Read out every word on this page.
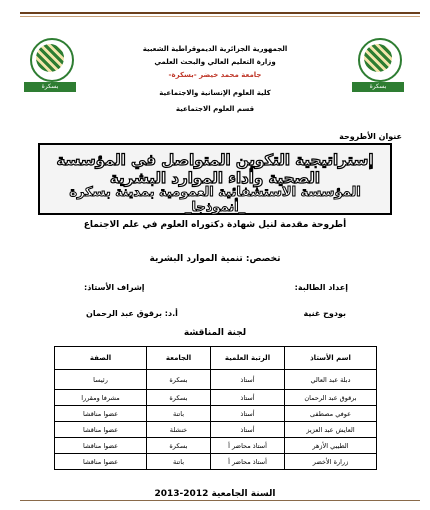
بسكرة	بسكرة
الجمهورية الجزائرية الديموقراطية الشعبية
وزارة التعليم العالي والبحث العلمي
جامعة محمد خيضر -بسكرة-
كلية العلوم الإنسانية والاجتماعية
قسم العلوم الاجتماعية
عنوان الأطروحة
إستراتيجية التكوين المتواصل في المؤسسة الصحية وأداء الموارد البشرية
المؤسسة الاستشفائية العمومية بمدينة بسكرة _أنموذجا_
أطروحة مقدمة لنيل شهادة دكتوراه العلوم في علم الاجتماع
تخصص: تنمية الموارد البشرية
إعداد الطالبة:
إشراف الأستاذ:
بودوح غنية
أ.د: برقوق عبد الرحمان
لجنة المناقشة
اسم الأستاذ	الرتبة العلمية	الجامعة	الصفة
دبلة عبد العالي	أستاذ	بسكرة	رئيسا
برقوق عبد الرحمان	أستاذ	بسكرة	مشرفا ومقررا
عوفي مصطفى	أستاذ	باتنة	عضوا مناقشا
العايش عبد العزيز	أستاذ	خنشلة	عضوا مناقشا
الطيبي الأزهر	أستاذ محاضر أ	بسكرة	عضوا مناقشا
زرارة الأخضر	أستاذ محاضر أ	باتنة	عضوا مناقشا
السنة الجامعية 2012-2013
